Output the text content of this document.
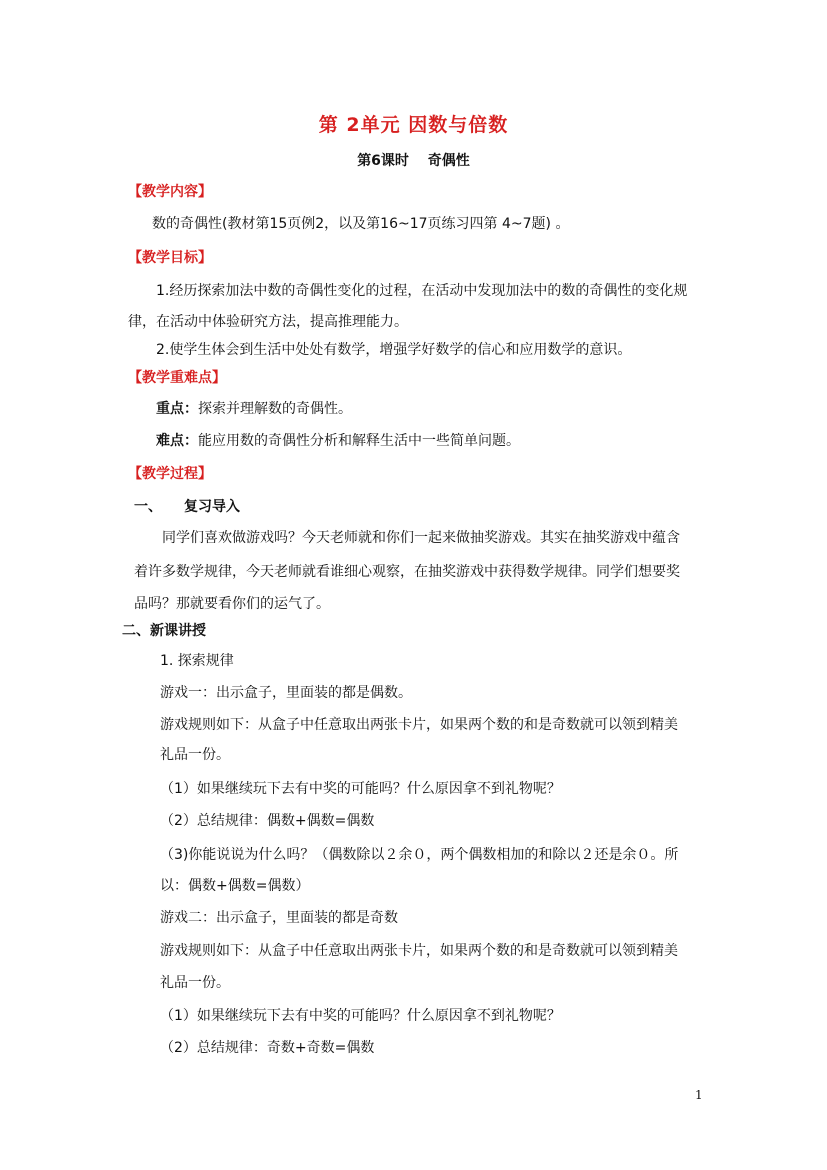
第 2单元 因数与倍数
第6课时　 奇偶性
【教学内容】
数的奇偶性(教材第15页例2，以及第16~17页练习四第 4~7题) 。
【教学目标】
1.经历探索加法中数的奇偶性变化的过程，在活动中发现加法中的数的奇偶性的变化规
律，在活动中体验研究方法，提高推理能力。
2.使学生体会到生活中处处有数学，增强学好数学的信心和应用数学的意识。
【教学重难点】
重点：探索并理解数的奇偶性。
难点：能应用数的奇偶性分析和解释生活中一些简单问题。
【教学过程】
一、 复习导入
同学们喜欢做游戏吗？今天老师就和你们一起来做抽奖游戏。其实在抽奖游戏中蕴含
着许多数学规律，今天老师就看谁细心观察，在抽奖游戏中获得数学规律。同学们想要奖
品吗？那就要看你们的运气了。
二、新课讲授
1. 探索规律
游戏一：出示盒子，里面装的都是偶数。
游戏规则如下：从盒子中任意取出两张卡片，如果两个数的和是奇数就可以领到精美
礼品一份。
（1）如果继续玩下去有中奖的可能吗？什么原因拿不到礼物呢？
（2）总结规律：偶数+偶数=偶数
（3)你能说说为什么吗？（偶数除以２余０，两个偶数相加的和除以２还是余０。所
以：偶数+偶数=偶数）
游戏二：出示盒子，里面装的都是奇数
游戏规则如下：从盒子中任意取出两张卡片，如果两个数的和是奇数就可以领到精美
礼品一份。
（1）如果继续玩下去有中奖的可能吗？什么原因拿不到礼物呢？
（2）总结规律：奇数+奇数=偶数
1
